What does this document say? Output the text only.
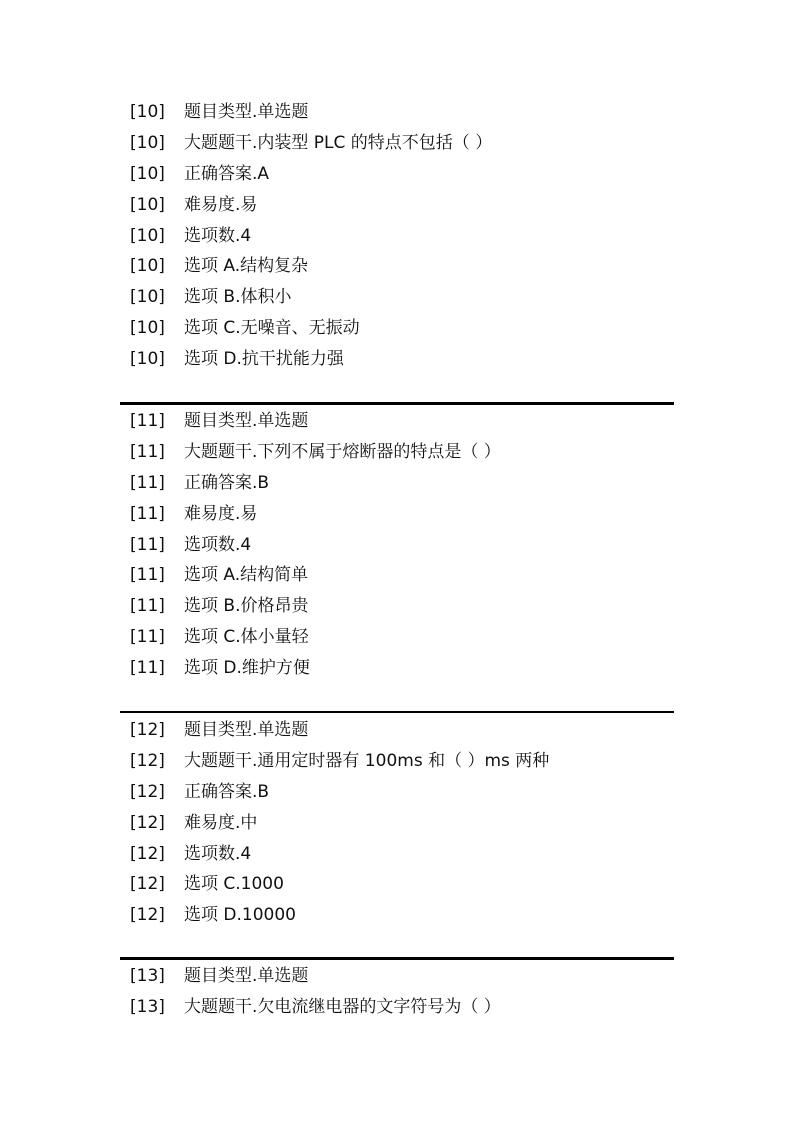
[10] 题目类型.单选题
[10] 大题题干.内装型 PLC 的特点不包括（ ）
[10] 正确答案.A
[10] 难易度.易
[10] 选项数.4
[10] 选项 A.结构复杂
[10] 选项 B.体积小
[10] 选项 C.无噪音、无振动
[10] 选项 D.抗干扰能力强
[11] 题目类型.单选题
[11] 大题题干.下列不属于熔断器的特点是（ ）
[11] 正确答案.B
[11] 难易度.易
[11] 选项数.4
[11] 选项 A.结构简单
[11] 选项 B.价格昂贵
[11] 选项 C.体小量轻
[11] 选项 D.维护方便
[12] 题目类型.单选题
[12] 大题题干.通用定时器有 100ms 和（ ）ms 两种
[12] 正确答案.B
[12] 难易度.中
[12] 选项数.4
[12] 选项 C.1000
[12] 选项 D.10000
[13] 题目类型.单选题
[13] 大题题干.欠电流继电器的文字符号为（ ）
